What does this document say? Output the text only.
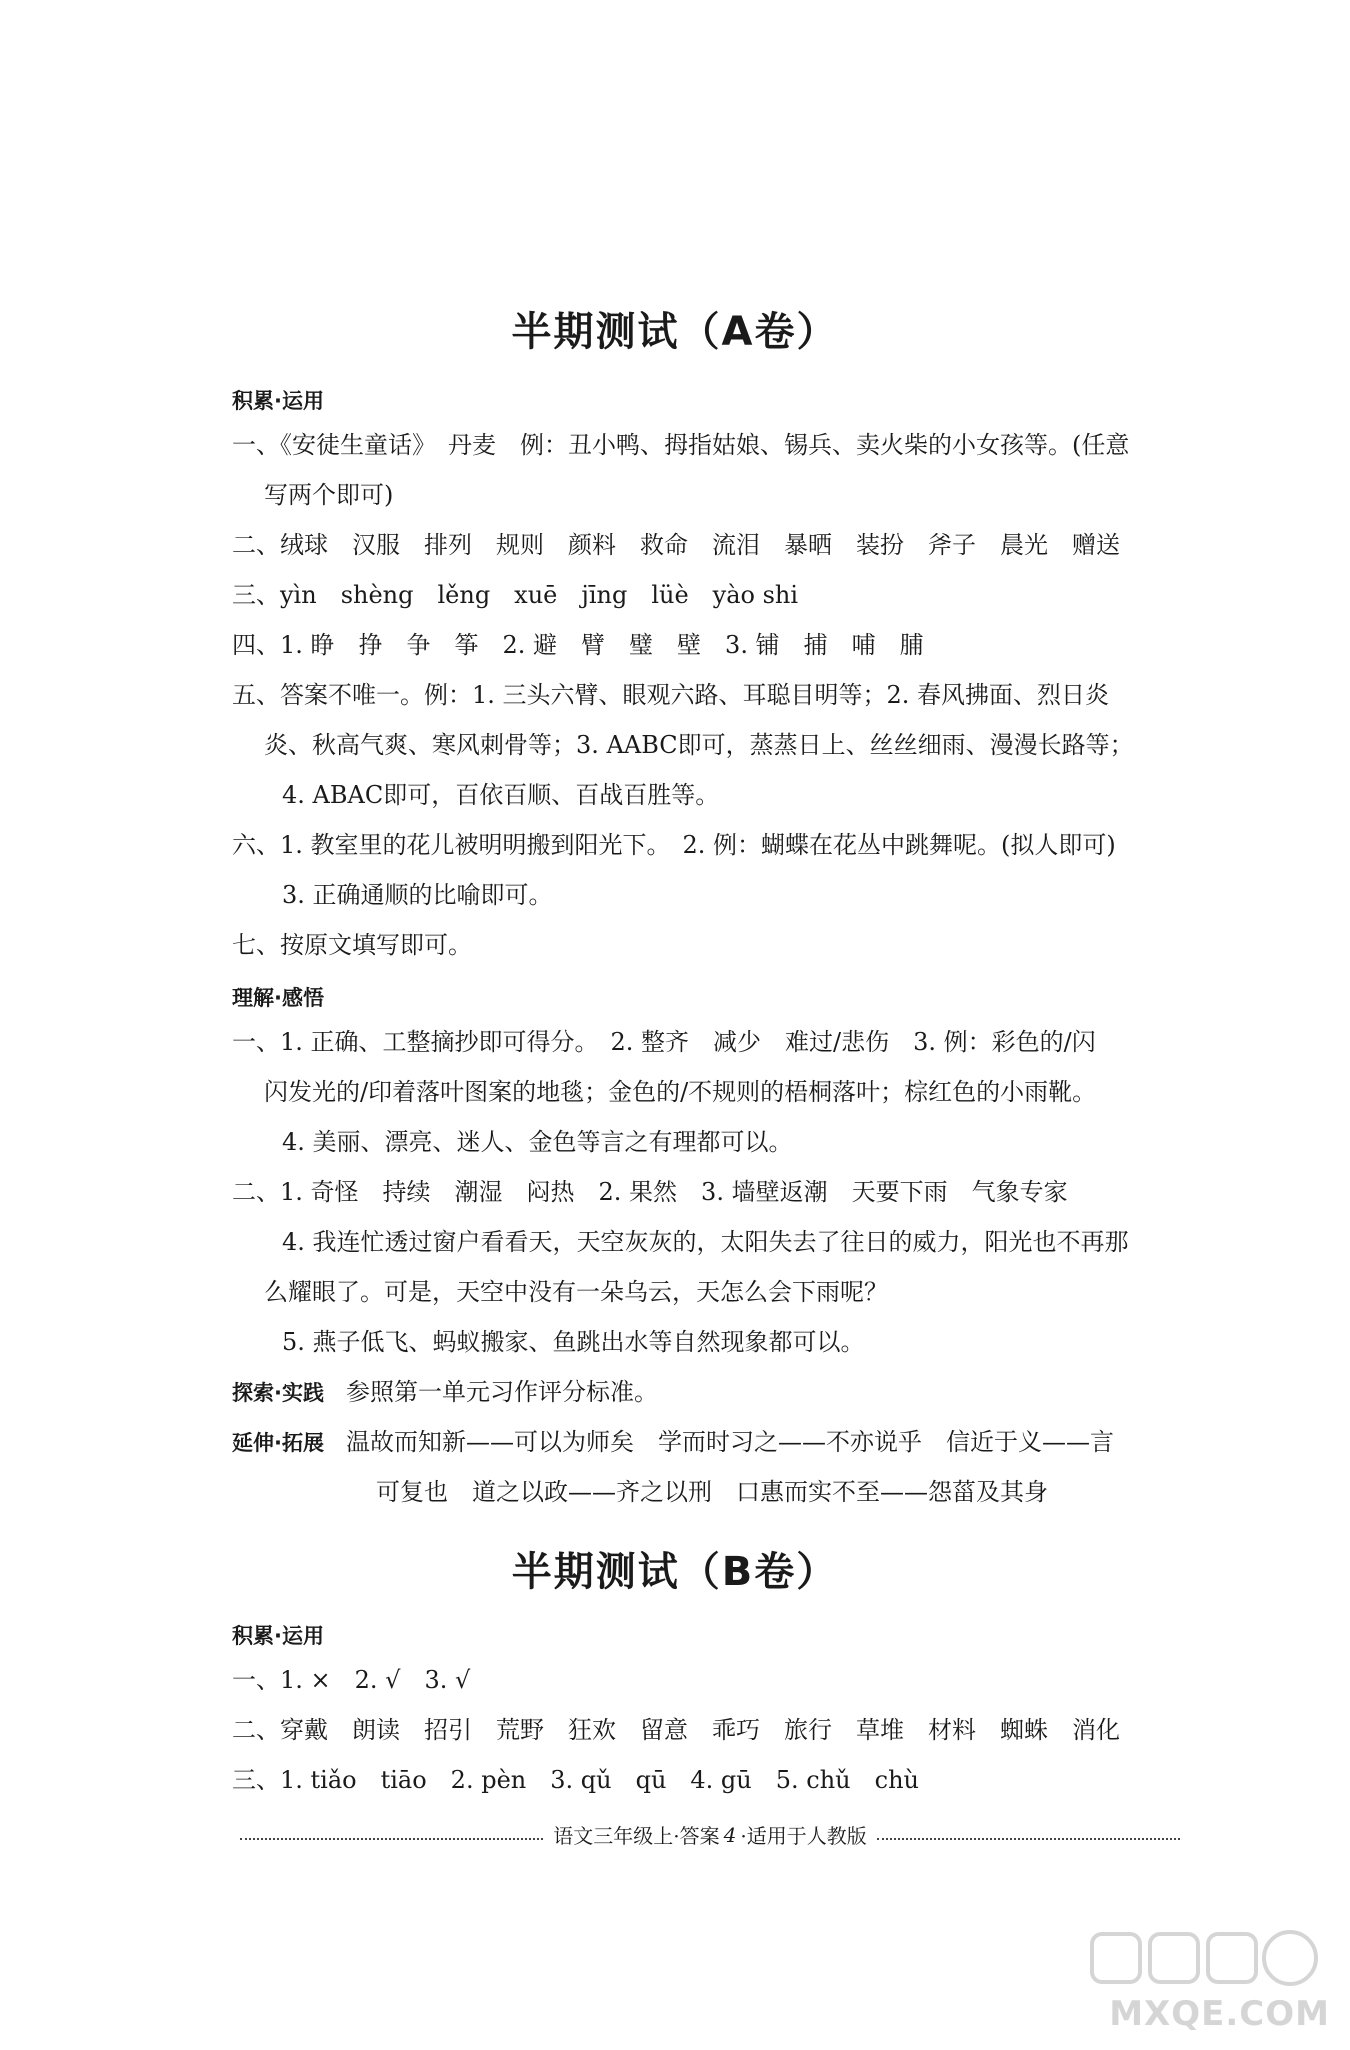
半期测试（A卷）
积累·运用
一、《安徒生童话》　丹麦　例：丑小鸭、拇指姑娘、锡兵、卖火柴的小女孩等。(任意
写两个即可)
二、绒球　汉服　排列　规则　颜料　救命　流泪　暴晒　装扮　斧子　晨光　赠送
三、yìn　shèng　lěng　xuē　jīng　lüè　yào shi
四、1. 睁　挣　争　筝　2. 避　臂　璧　壁　3. 铺　捕　哺　脯
五、答案不唯一。例：1. 三头六臂、眼观六路、耳聪目明等；2. 春风拂面、烈日炎
炎、秋高气爽、寒风刺骨等；3. AABC即可，蒸蒸日上、丝丝细雨、漫漫长路等；
4. ABAC即可，百依百顺、百战百胜等。
六、1. 教室里的花儿被明明搬到阳光下。　2. 例：蝴蝶在花丛中跳舞呢。(拟人即可)
3. 正确通顺的比喻即可。
七、按原文填写即可。
理解·感悟
一、1. 正确、工整摘抄即可得分。　2. 整齐　减少　难过/悲伤　3. 例：彩色的/闪
闪发光的/印着落叶图案的地毯；金色的/不规则的梧桐落叶；棕红色的小雨靴。
4. 美丽、漂亮、迷人、金色等言之有理都可以。
二、1. 奇怪　持续　潮湿　闷热　2. 果然　3. 墙壁返潮　天要下雨　气象专家
4. 我连忙透过窗户看看天，天空灰灰的，太阳失去了往日的威力，阳光也不再那
么耀眼了。可是，天空中没有一朵乌云，天怎么会下雨呢？
5. 燕子低飞、蚂蚁搬家、鱼跳出水等自然现象都可以。
探索·实践 参照第一单元习作评分标准。
延伸·拓展 温故而知新——可以为师矣　学而时习之——不亦说乎　信近于义——言
可复也　道之以政——齐之以刑　口惠而实不至——怨菑及其身
半期测试（B卷）
积累·运用
一、1. ×　2. √　3. √
二、穿戴　朗读　招引　荒野　狂欢　留意　乖巧　旅行　草堆　材料　蜘蛛　消化
三、1. tiǎo　tiāo　2. pèn　3. qǔ　qū　4. gū　5. chǔ　chù
语文三年级上·答案 4 ·适用于人教版
MXQE.COM
